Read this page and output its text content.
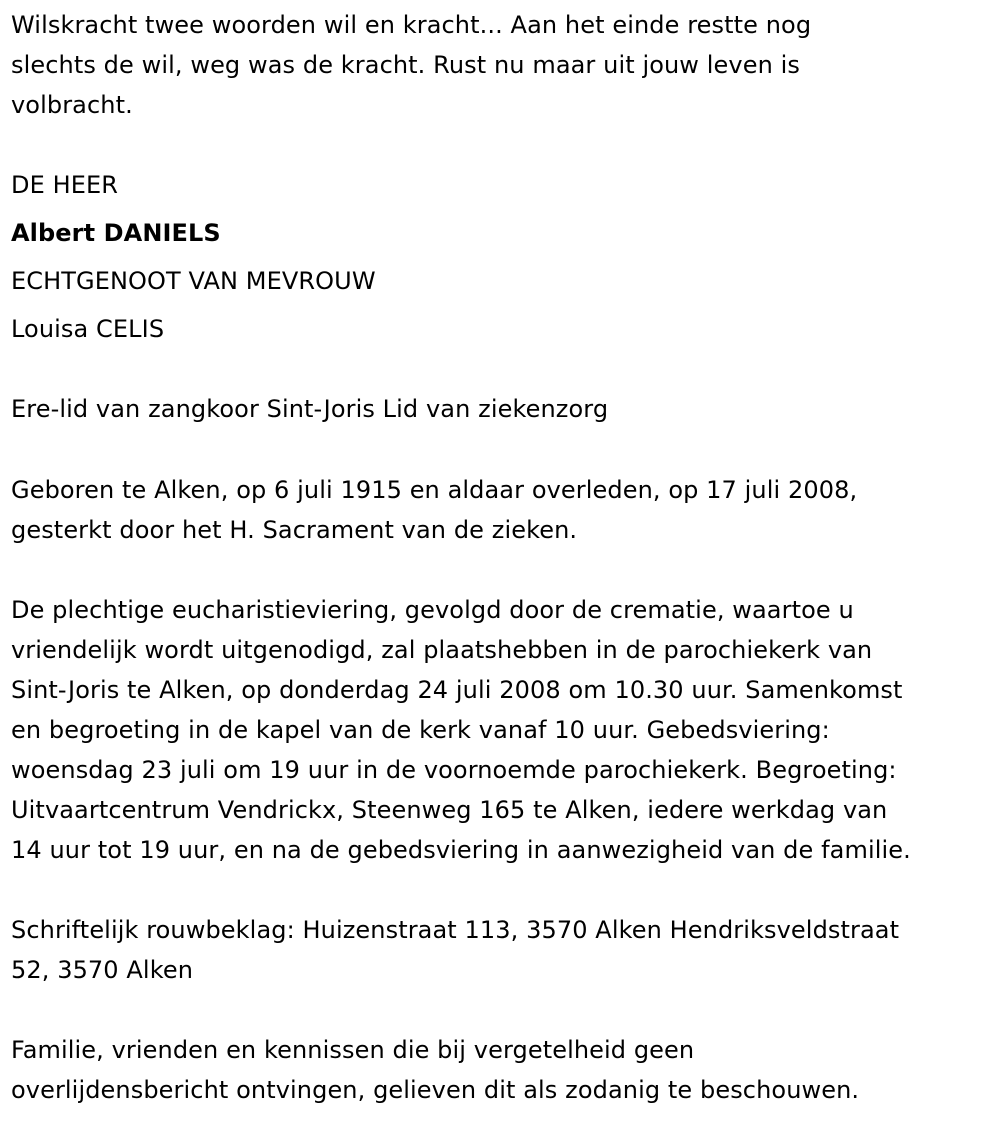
Wilskracht twee woorden wil en kracht... Aan het einde restte nog
slechts de wil, weg was de kracht. Rust nu maar uit jouw leven is
volbracht.
DE HEER
Albert DANIELS
ECHTGENOOT VAN MEVROUW
Louisa CELIS
Ere-lid van zangkoor Sint-Joris Lid van ziekenzorg
Geboren te Alken, op 6 juli 1915 en aldaar overleden, op 17 juli 2008,
gesterkt door het H. Sacrament van de zieken.
De plechtige eucharistieviering, gevolgd door de crematie, waartoe u
vriendelijk wordt uitgenodigd, zal plaatshebben in de parochiekerk van
Sint-Joris te Alken, op donderdag 24 juli 2008 om 10.30 uur. Samenkomst
en begroeting in de kapel van de kerk vanaf 10 uur. Gebedsviering:
woensdag 23 juli om 19 uur in de voornoemde parochiekerk. Begroeting:
Uitvaartcentrum Vendrickx, Steenweg 165 te Alken, iedere werkdag van
14 uur tot 19 uur, en na de gebedsviering in aanwezigheid van de familie.
Schriftelijk rouwbeklag: Huizenstraat 113, 3570 Alken Hendriksveldstraat
52, 3570 Alken
Familie, vrienden en kennissen die bij vergetelheid geen
overlijdensbericht ontvingen, gelieven dit als zodanig te beschouwen.
